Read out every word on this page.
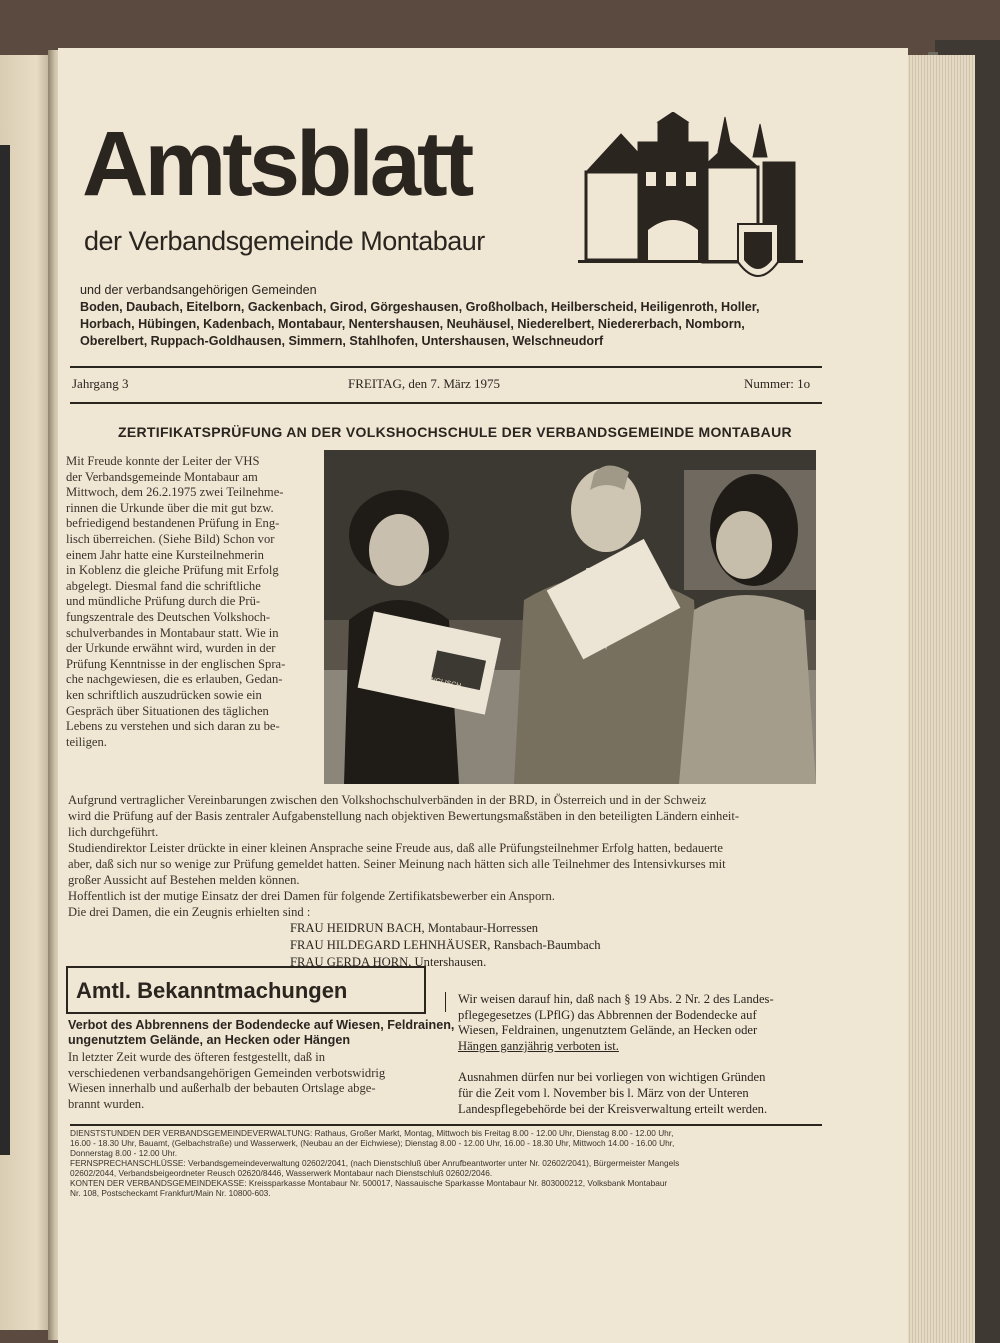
Amtsblatt
der Verbandsgemeinde Montabaur
und der verbandsangehörigen Gemeinden
Boden, Daubach, Eitelborn, Gackenbach, Girod, Görgeshausen, Großholbach, Heilberscheid, Heiligenroth, Holler,
Horbach, Hübingen, Kadenbach, Montabaur, Nentershausen, Neuhäusel, Niederelbert, Niedererbach, Nomborn,
Oberelbert, Ruppach-Goldhausen, Simmern, Stahlhofen, Untershausen, Welschneudorf
Jahrgang 3	FREITAG, den 7. März 1975	Nummer: 1o
ZERTIFIKATSPRÜFUNG AN DER VOLKSHOCHSCHULE DER VERBANDSGEMEINDE MONTABAUR
Mit Freude konnte der Leiter der VHS
der Verbandsgemeinde Montabaur am
Mittwoch, dem 26.2.1975 zwei Teilnehme-
rinnen die Urkunde über die mit gut bzw.
befriedigend bestandenen Prüfung in Eng-
lisch überreichen. (Siehe Bild) Schon vor
einem Jahr hatte eine Kursteilnehmerin
in Koblenz die gleiche Prüfung mit Erfolg
abgelegt. Diesmal fand die schriftliche
und mündliche Prüfung durch die Prü-
fungszentrale des Deutschen Volkshoch-
schulverbandes in Montabaur statt. Wie in
der Urkunde erwähnt wird, wurden in der
Prüfung Kenntnisse in der englischen Spra-
che nachgewiesen, die es erlauben, Gedan-
ken schriftlich auszudrücken sowie ein
Gespräch über Situationen des täglichen
Lebens zu verstehen und sich daran zu be-
teiligen.
ENGLISCH
Aufgrund vertraglicher Vereinbarungen zwischen den Volkshochschulverbänden in der BRD, in Österreich und in der Schweiz
wird die Prüfung auf der Basis zentraler Aufgabenstellung nach objektiven Bewertungsmaßstäben in den beteiligten Ländern einheit-
lich durchgeführt.
Studiendirektor Leister drückte in einer kleinen Ansprache seine Freude aus, daß alle Prüfungsteilnehmer Erfolg hatten, bedauerte
aber, daß sich nur so wenige zur Prüfung gemeldet hatten. Seiner Meinung nach hätten sich alle Teilnehmer des Intensivkurses mit
großer Aussicht auf Bestehen melden können.
Hoffentlich ist der mutige Einsatz der drei Damen für folgende Zertifikatsbewerber ein Ansporn.
Die drei Damen, die ein Zeugnis erhielten sind :
FRAU HEIDRUN BACH, Montabaur-Horressen
FRAU HILDEGARD LEHNHÄUSER, Ransbach-Baumbach
FRAU GERDA HORN, Untershausen.
Amtl. Bekanntmachungen
Verbot des Abbrennens der Bodendecke auf Wiesen, Feldrainen,
ungenutztem Gelände, an Hecken oder Hängen
In letzter Zeit wurde des öfteren festgestellt, daß in
verschiedenen verbandsangehörigen Gemeinden verbotswidrig
Wiesen innerhalb und außerhalb der bebauten Ortslage abge-
brannt wurden.
Wir weisen darauf hin, daß nach § 19 Abs. 2 Nr. 2 des Landes-
pflegegesetzes (LPflG) das Abbrennen der Bodendecke auf
Wiesen, Feldrainen, ungenutztem Gelände, an Hecken oder
Hängen ganzjährig verboten ist.
Ausnahmen dürfen nur bei vorliegen von wichtigen Gründen
für die Zeit vom l. November bis l. März von der Unteren
Landespflegebehörde bei der Kreisverwaltung erteilt werden.
DIENSTSTUNDEN DER VERBANDSGEMEINDEVERWALTUNG: Rathaus, Großer Markt, Montag, Mittwoch bis Freitag 8.00 - 12.00 Uhr, Dienstag 8.00 - 12.00 Uhr,
16.00 - 18.30 Uhr, Bauamt, (Gelbachstraße) und Wasserwerk, (Neubau an der Eichwiese); Dienstag 8.00 - 12.00 Uhr, 16.00 - 18.30 Uhr, Mittwoch 14.00 - 16.00 Uhr,
Donnerstag 8.00 - 12.00 Uhr.
FERNSPRECHANSCHLÜSSE: Verbandsgemeindeverwaltung 02602/2041, (nach Dienstschluß über Anrufbeantworter unter Nr. 02602/2041), Bürgermeister Mangels
02602/2044, Verbandsbeigeordneter Reusch 02620/8446, Wasserwerk Montabaur nach Dienstschluß 02602/2046.
KONTEN DER VERBANDSGEMEINDEKASSE: Kreissparkasse Montabaur Nr. 500017, Nassauische Sparkasse Montabaur Nr. 803000212, Volksbank Montabaur
Nr. 108, Postscheckamt Frankfurt/Main Nr. 10800-603.
